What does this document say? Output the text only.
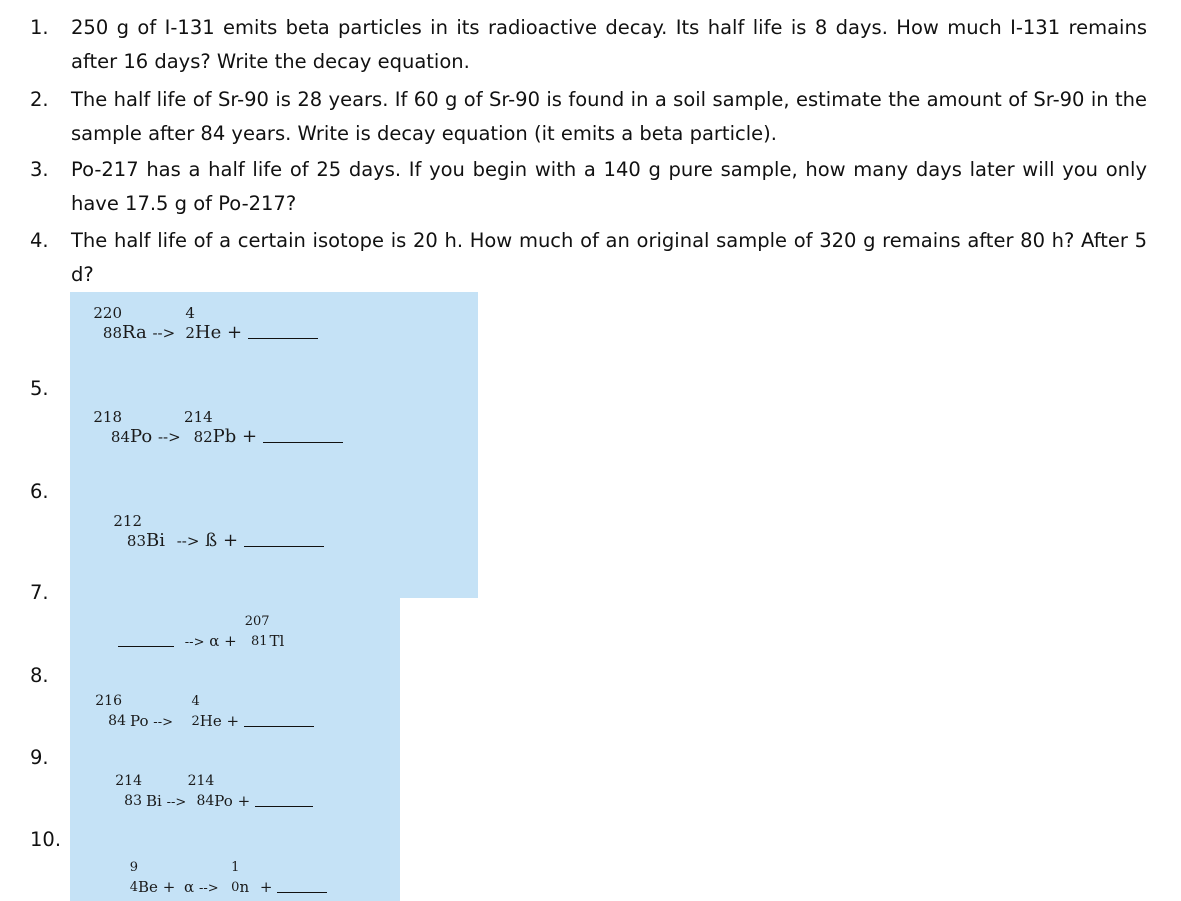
1. 250 g of I-131 emits beta particles in its radioactive decay. Its half life is 8 days. How much I-131 remains after 16 days? Write the decay equation.
2. The half life of Sr-90 is 28 years. If 60 g of Sr-90 is found in a soil sample, estimate the amount of Sr-90 in the sample after 84 years. Write is decay equation (it emits a beta particle).
3. Po-217 has a half life of 25 days. If you begin with a 140 g pure sample, how many days later will you only have 17.5 g of Po-217?
4. The half life of a certain isotope is 20 h. How much of an original sample of 320 g remains after 80 h? After 5 d?
5.
6.
7.
8.
9.
10.
220
88 Ra -->
4
2 He +
218
84 Po -->
214
82 Pb +
212
83 Bi --> ß +
--> α +
207
81 Tl
216
84 Po -->
4
2 He +
214
83 Bi -->
214
84 Po +
9
4 Be + α -->
1
0 n +
